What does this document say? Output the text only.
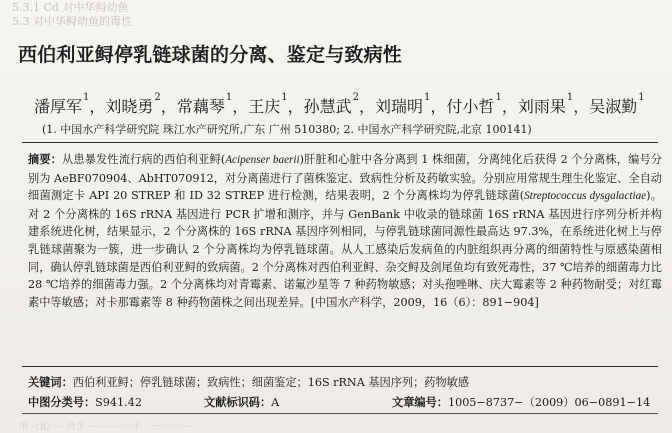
5.3.1 Cd 对中华鲟幼鱼
5.3 对中华鲟幼鱼的毒性
西伯利亚鲟停乳链球菌的分离、鉴定与致病性
潘厚军$^1$，刘晓勇$^2$，常藕琴$^1$，王庆$^1$，孙慧武$^2$，刘瑞明$^1$，付小哲$^1$，刘雨果$^1$，吴淑勤$^1$
(1. 中国水产科学研究院 珠江水产研究所,广东 广州 510380; 2. 中国水产科学研究院,北京 100141)
摘要：从患暴发性流行病的西伯利亚鲟(Acipenser baerii)肝脏和心脏中各分离到 1 株细菌，分离纯化后获得 2 个分离株，编号分别为 AeBF070904、AbHT070912，对分离菌进行了菌株鉴定、致病性分析及药敏实验。分别应用常规生理生化鉴定、全自动细菌测定卡 API 20 STREP 和 ID 32 STREP 进行检测，结果表明，2 个分离株均为停乳链球菌(Streptococcus dysgalactiae)。对 2 个分离株的 16S rRNA 基因进行 PCR 扩增和测序，并与 GenBank 中收录的链球菌 16S rRNA 基因进行序列分析并构建系统进化树，结果显示，2 个分离株的 16S rRNA 基因序列相同，与停乳链球菌同源性最高达 97.3%，在系统进化树上与停乳链球菌聚为一簇，进一步确认 2 个分离株均为停乳链球菌。从人工感染后发病鱼的内脏组织再分离的细菌特性与原感染菌相同，确认停乳链球菌是西伯利亚鲟的致病菌。2 个分离株对西伯利亚鲟、杂交鲟及剑尾鱼均有致死毒性，37 ℃培养的细菌毒力比 28 ℃培养的细菌毒力强。2 个分离株均对青霉素、诺氟沙星等 7 种药物敏感；对头孢唑啉、庆大霉素等 2 种药物耐受；对红霉素中等敏感；对卡那霉素等 8 种药物菌株之间出现差异。[中国水产科学，2009，16（6）：891−904]
关键词：西伯利亚鲟；停乳链球菌；致病性；细菌鉴定；16S rRNA 基因序列；药物敏感
中图分类号：S941.42	文献标识码：A	文章编号：1005−8737−（2009）06−0891−14
· 甲 ·（8）···· 叶3 ····· ···· 一下 · 一一一 ···
